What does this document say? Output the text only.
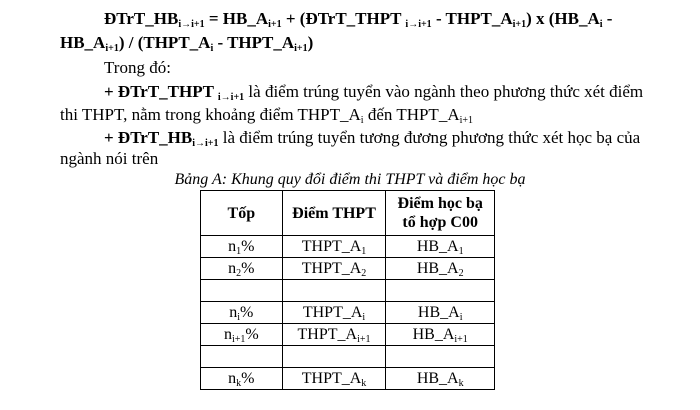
$ĐTrT\_HB_{i\to i+1}$ = $HB\_A_{i+1}$ + (ĐTrT_THPT $_{i\to i+1} - THPT\_A_{i+1}$) x ($HB\_A_i$ -
$HB\_A_{i+1}$) / ($THPT\_A_i$ - $THPT\_A_{i+1}$)
Trong đó:
+ ĐTrT_THPT $_{i\to i+1}$ là điểm trúng tuyển vào ngành theo phương thức xét điểm
thi THPT, nằm trong khoảng điểm $THPT\_A_i$ đến $THPT\_A_{i+1}$
+ $ĐTrT\_HB_{i\to i+1}$ là điểm trúng tuyển tương đương phương thức xét học bạ của
ngành nói trên
Bảng A: Khung quy đổi điểm thi THPT và điểm học bạ
Tốp	Điểm THPT	Điểm học bạ
tổ hợp C00
$n_1\%$	$THPT\_A_1$	$HB\_A_1$
$n_2\%$	$THPT\_A_2$	$HB\_A_2$

$n_i\%$	$THPT\_A_i$	$HB\_A_i$
$n_{i+1}\%$	$THPT\_A_{i+1}$	$HB\_A_{i+1}$

$n_k\%$	$THPT\_A_k$	$HB\_A_k$
